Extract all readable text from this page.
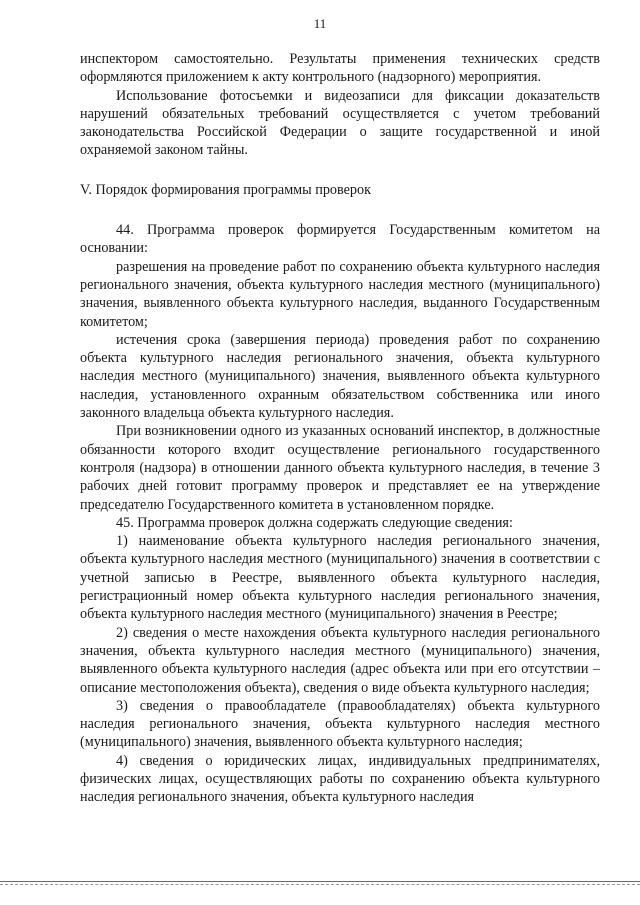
11

инспектором самостоятельно. Результаты применения технических средств оформляются приложением к акту контрольного (надзорного) мероприятия.

Использование фотосъемки и видеозаписи для фиксации доказательств нарушений обязательных требований осуществляется с учетом требований законодательства Российской Федерации о защите государственной и иной охраняемой законом тайны.

V. Порядок формирования программы проверок

44. Программа проверок формируется Государственным комитетом на основании:

разрешения на проведение работ по сохранению объекта культурного наследия регионального значения, объекта культурного наследия местного (муниципального) значения, выявленного объекта культурного наследия, выданного Государственным комитетом;

истечения срока (завершения периода) проведения работ по сохранению объекта культурного наследия регионального значения, объекта культурного наследия местного (муниципального) значения, выявленного объекта культурного наследия, установленного охранным обязательством собственника или иного законного владельца объекта культурного наследия.

При возникновении одного из указанных оснований инспектор, в должностные обязанности которого входит осуществление регионального государственного контроля (надзора) в отношении данного объекта культурного наследия, в течение 3 рабочих дней готовит программу проверок и представляет ее на утверждение председателю Государственного комитета в установленном порядке.

45. Программа проверок должна содержать следующие сведения:

1) наименование объекта культурного наследия регионального значения, объекта культурного наследия местного (муниципального) значения в соответствии с учетной записью в Реестре, выявленного объекта культурного наследия, регистрационный номер объекта культурного наследия регионального значения, объекта культурного наследия местного (муниципального) значения в Реестре;

2) сведения о месте нахождения объекта культурного наследия регионального значения, объекта культурного наследия местного (муниципального) значения, выявленного объекта культурного наследия (адрес объекта или при его отсутствии – описание местоположения объекта), сведения о виде объекта культурного наследия;

3) сведения о правообладателе (правообладателях) объекта культурного наследия регионального значения, объекта культурного наследия местного (муниципального) значения, выявленного объекта культурного наследия;

4) сведения о юридических лицах, индивидуальных предпринимателях, физических лицах, осуществляющих работы по сохранению объекта культурного наследия регионального значения, объекта культурного наследия
